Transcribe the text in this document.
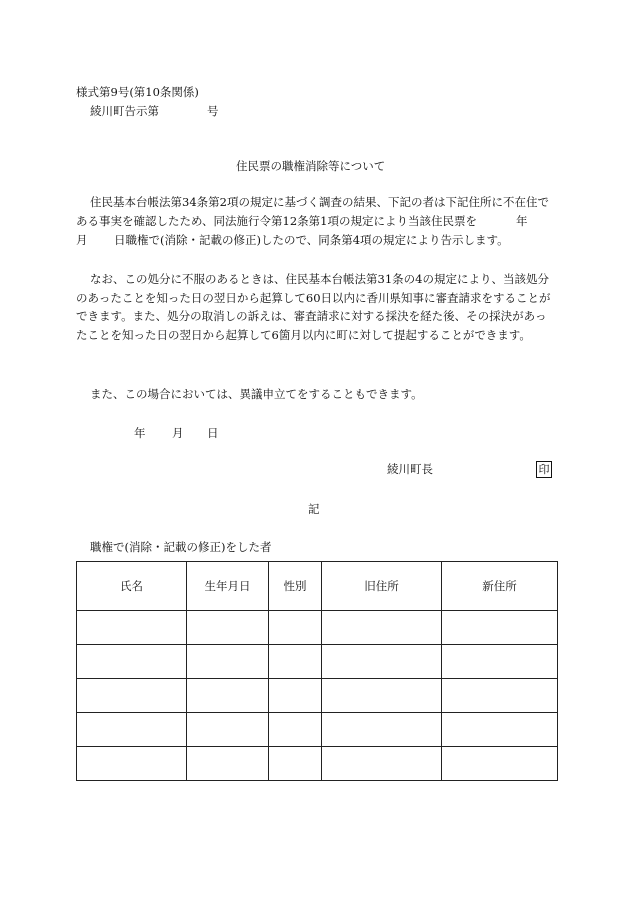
様式第9号(第10条関係)
綾川町告示第	号
住民票の職権消除等について
住民基本台帳法第34条第2項の規定に基づく調査の結果、下記の者は下記住所に不在住で
ある事実を確認したため、同法施行令第12条第1項の規定により当該住民票を	年
月 日職権で(消除・記載の修正)したので、同条第4項の規定により告示します。
なお、この処分に不服のあるときは、住民基本台帳法第31条の4の規定により、当該処分のあったことを知った日の翌日から起算して60日以内に香川県知事に審査請求をすることができます。また、処分の取消しの訴えは、審査請求に対する採決を経た後、その採決があったことを知った日の翌日から起算して6箇月以内に町に対して提起することができます。
また、この場合においては、異議申立てをすることもできます。
年 月 日
綾川町長	印
記
職権で(消除・記載の修正)をした者
氏名	生年月日	性別	旧住所	新住所
